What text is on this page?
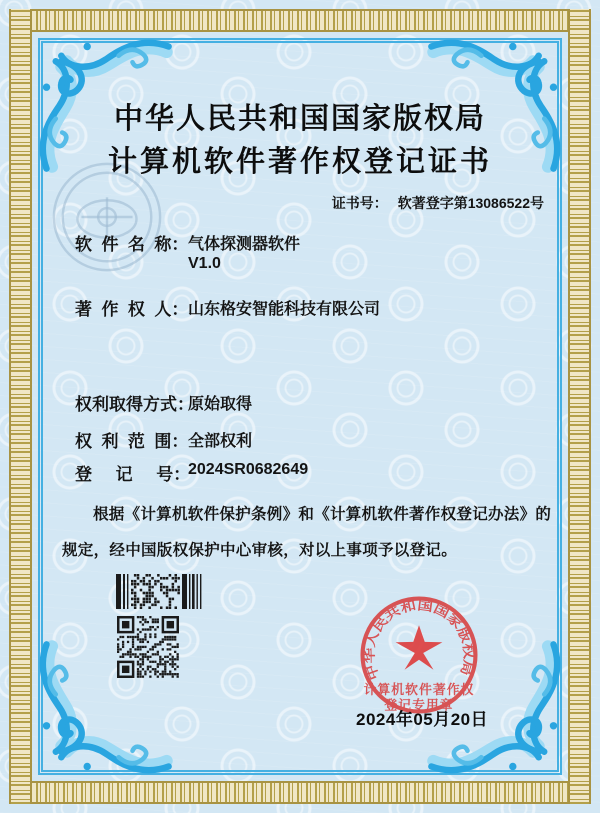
中华人民共和国国家版权局
计算机软件著作权登记证书
证书号： 软著登字第13086522号
软  件  名  称： 气体探测器软件
V1.0
著  作  权  人： 山东格安智能科技有限公司
权利取得方式：
原始取得
权  利  范  围： 全部权利
登     记     号：
2024SR0682649
根据《计算机软件保护条例》和《计算机软件著作权登记办法》的规定，经中国版权保护中心审核，对以上事项予以登记。
中华人民共和国国家版权局
计算机软件著作权
登记专用章
2024年05月20日
